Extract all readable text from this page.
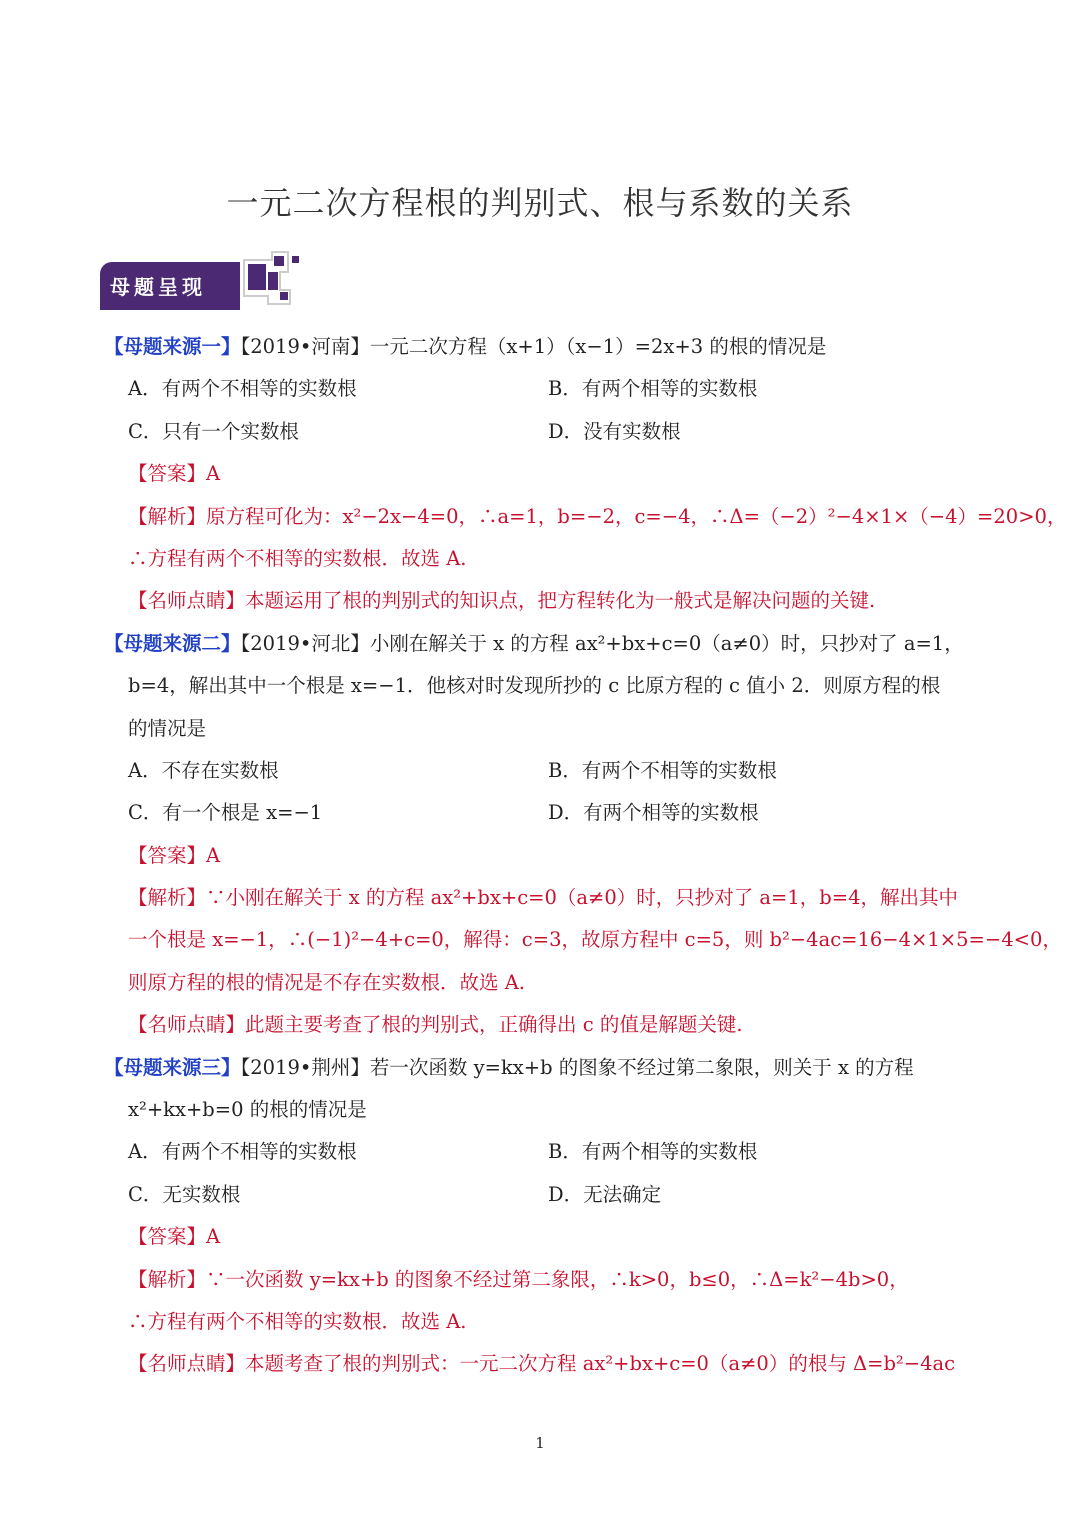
一元二次方程根的判别式、根与系数的关系
母题呈现
【母题来源一】【2019•河南】一元二次方程（x+1）（x−1）=2x+3 的根的情况是
A．有两个不相等的实数根	B．有两个相等的实数根
C．只有一个实数根	D．没有实数根
【答案】A
【解析】原方程可化为：x²−2x−4=0，∴a=1，b=−2，c=−4，∴Δ=（−2）²−4×1×（−4）=20>0，
∴方程有两个不相等的实数根．故选 A.
【名师点睛】本题运用了根的判别式的知识点，把方程转化为一般式是解决问题的关键.
【母题来源二】【2019•河北】小刚在解关于 x 的方程 ax²+bx+c=0（a≠0）时，只抄对了 a=1，
b=4，解出其中一个根是 x=−1．他核对时发现所抄的 c 比原方程的 c 值小 2．则原方程的根
的情况是
A．不存在实数根	B．有两个不相等的实数根
C．有一个根是 x=−1	D．有两个相等的实数根
【答案】A
【解析】∵小刚在解关于 x 的方程 ax²+bx+c=0（a≠0）时，只抄对了 a=1，b=4，解出其中
一个根是 x=−1，∴(−1)²−4+c=0，解得：c=3，故原方程中 c=5，则 b²−4ac=16−4×1×5=−4<0，
则原方程的根的情况是不存在实数根．故选 A.
【名师点睛】此题主要考查了根的判别式，正确得出 c 的值是解题关键.
【母题来源三】【2019•荆州】若一次函数 y=kx+b 的图象不经过第二象限，则关于 x 的方程
x²+kx+b=0 的根的情况是
A．有两个不相等的实数根	B．有两个相等的实数根
C．无实数根	D．无法确定
【答案】A
【解析】∵一次函数 y=kx+b 的图象不经过第二象限，∴k>0，b≤0，∴Δ=k²−4b>0，
∴方程有两个不相等的实数根．故选 A.
【名师点睛】本题考查了根的判别式：一元二次方程 ax²+bx+c=0（a≠0）的根与 Δ=b²−4ac
1
